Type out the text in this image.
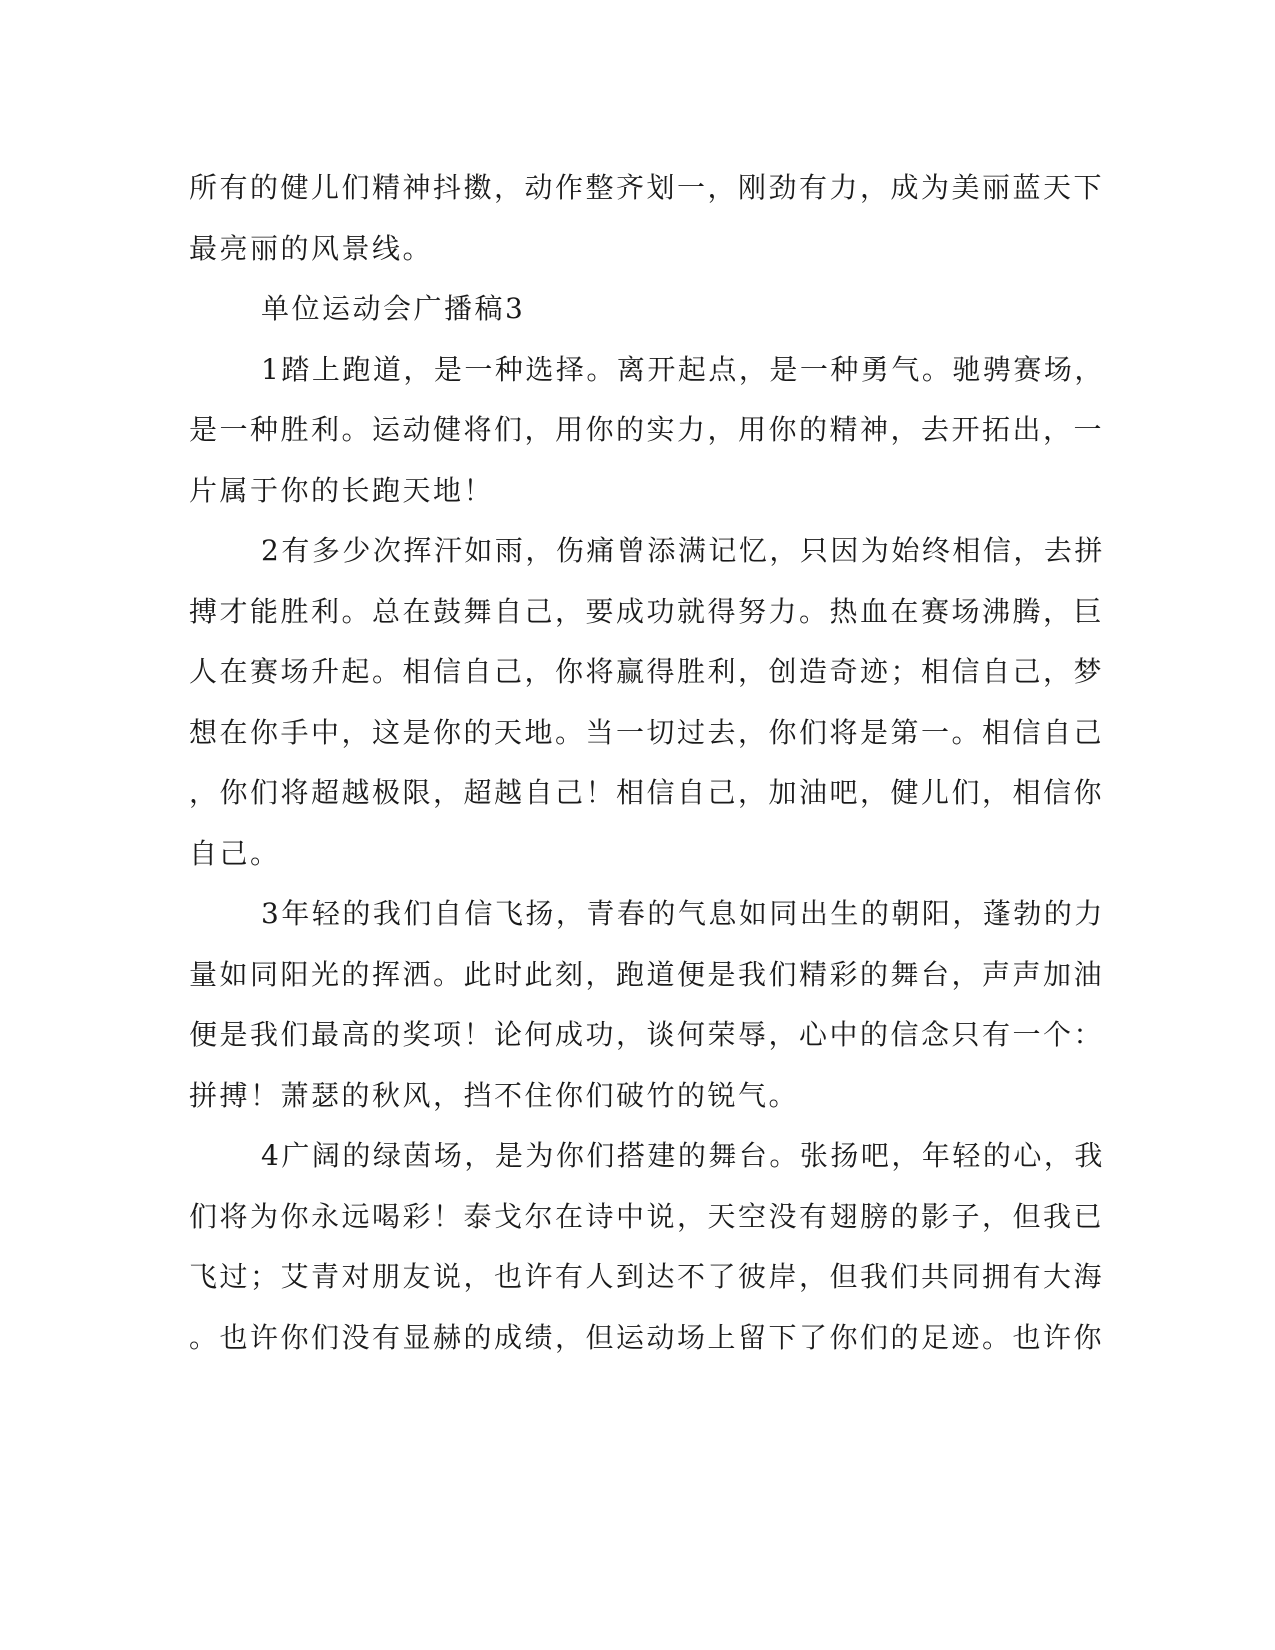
所有的健儿们精神抖擞，动作整齐划一，刚劲有力，成为美丽蓝天下
最亮丽的风景线。
单位运动会广播稿3
1踏上跑道，是一种选择。离开起点，是一种勇气。驰骋赛场，
是一种胜利。运动健将们，用你的实力，用你的精神，去开拓出，一
片属于你的长跑天地！
2有多少次挥汗如雨，伤痛曾添满记忆，只因为始终相信，去拼
搏才能胜利。总在鼓舞自己，要成功就得努力。热血在赛场沸腾，巨
人在赛场升起。相信自己，你将赢得胜利，创造奇迹；相信自己，梦
想在你手中，这是你的天地。当一切过去，你们将是第一。相信自己
，你们将超越极限，超越自己！相信自己，加油吧，健儿们，相信你
自己。
3年轻的我们自信飞扬，青春的气息如同出生的朝阳，蓬勃的力
量如同阳光的挥洒。此时此刻，跑道便是我们精彩的舞台，声声加油
便是我们最高的奖项！论何成功，谈何荣辱，心中的信念只有一个：
拼搏！萧瑟的秋风，挡不住你们破竹的锐气。
4广阔的绿茵场，是为你们搭建的舞台。张扬吧，年轻的心，我
们将为你永远喝彩！泰戈尔在诗中说，天空没有翅膀的影子，但我已
飞过；艾青对朋友说，也许有人到达不了彼岸，但我们共同拥有大海
。也许你们没有显赫的成绩，但运动场上留下了你们的足迹。也许你
